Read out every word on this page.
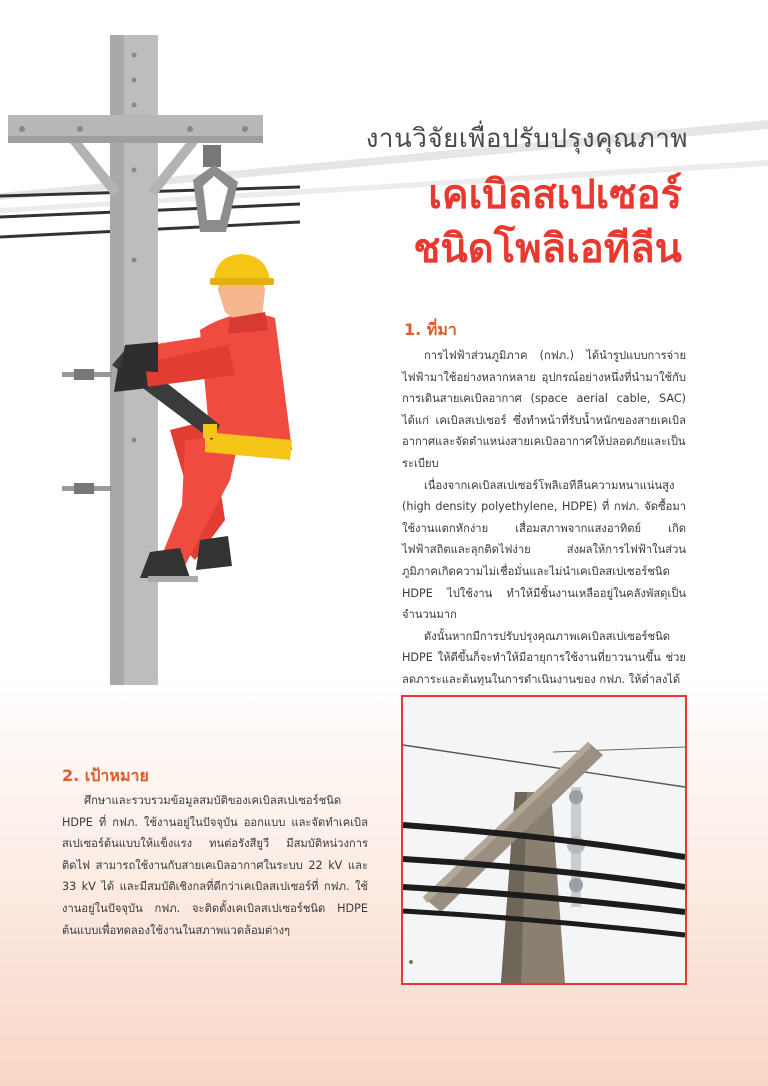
งานวิจัยเพื่อปรับปรุงคุณภาพ
เคเบิลสเปเซอร์
ชนิดโพลิเอทีลีน
1. ที่มา

การไฟฟ้าส่วนภูมิภาค (กฟภ.) ได้นำรูปแบบการจ่ายไฟฟ้ามาใช้อย่างหลากหลาย อุปกรณ์อย่างหนึ่งที่นำมาใช้กับการเดินสายเคเบิลอากาศ (space aerial cable, SAC) ได้แก่ เคเบิลสเปเซอร์ ซึ่งทำหน้าที่รับน้ำหนักของสายเคเบิลอากาศและจัดตำแหน่งสายเคเบิลอากาศให้ปลอดภัยและเป็นระเบียบ

เนื่องจากเคเบิลสเปเซอร์โพลิเอทีลีนความหนาแน่นสูง (high density polyethylene, HDPE) ที่ กฟภ. จัดซื้อมาใช้งานแตกหักง่าย เสื่อมสภาพจากแสงอาทิตย์ เกิดไฟฟ้าสถิตและลุกติดไฟง่าย ส่งผลให้การไฟฟ้าในส่วนภูมิภาคเกิดความไม่เชื่อมั่นและไม่นำเคเบิลสเปเซอร์ชนิด HDPE ไปใช้งาน ทำให้มีชิ้นงานเหลืออยู่ในคลังพัสดุเป็นจำนวนมาก

ดังนั้นหากมีการปรับปรุงคุณภาพเคเบิลสเปเซอร์ชนิด HDPE ให้ดีขึ้นก็จะทำให้มีอายุการใช้งานที่ยาวนานขึ้น ช่วยลดภาระและต้นทุนในการดำเนินงานของ กฟภ. ให้ต่ำลงได้

2. เป้าหมาย

ศึกษาและรวบรวมข้อมูลสมบัติของเคเบิลสเปเซอร์ชนิด HDPE ที่ กฟภ. ใช้งานอยู่ในปัจจุบัน ออกแบบ และจัดทำเคเบิลสเปเซอร์ต้นแบบให้แข็งแรง ทนต่อรังสียูวี มีสมบัติหน่วงการติดไฟ สามารถใช้งานกับสายเคเบิลอากาศในระบบ 22 kV และ 33 kV ได้ และมีสมบัติเชิงกลที่ดีกว่าเคเบิลสเปเซอร์ที่ กฟภ. ใช้งานอยู่ในปัจจุบัน กฟภ. จะติดตั้งเคเบิลสเปเซอร์ชนิด HDPE ต้นแบบเพื่อทดลองใช้งานในสภาพแวดล้อมต่างๆ
